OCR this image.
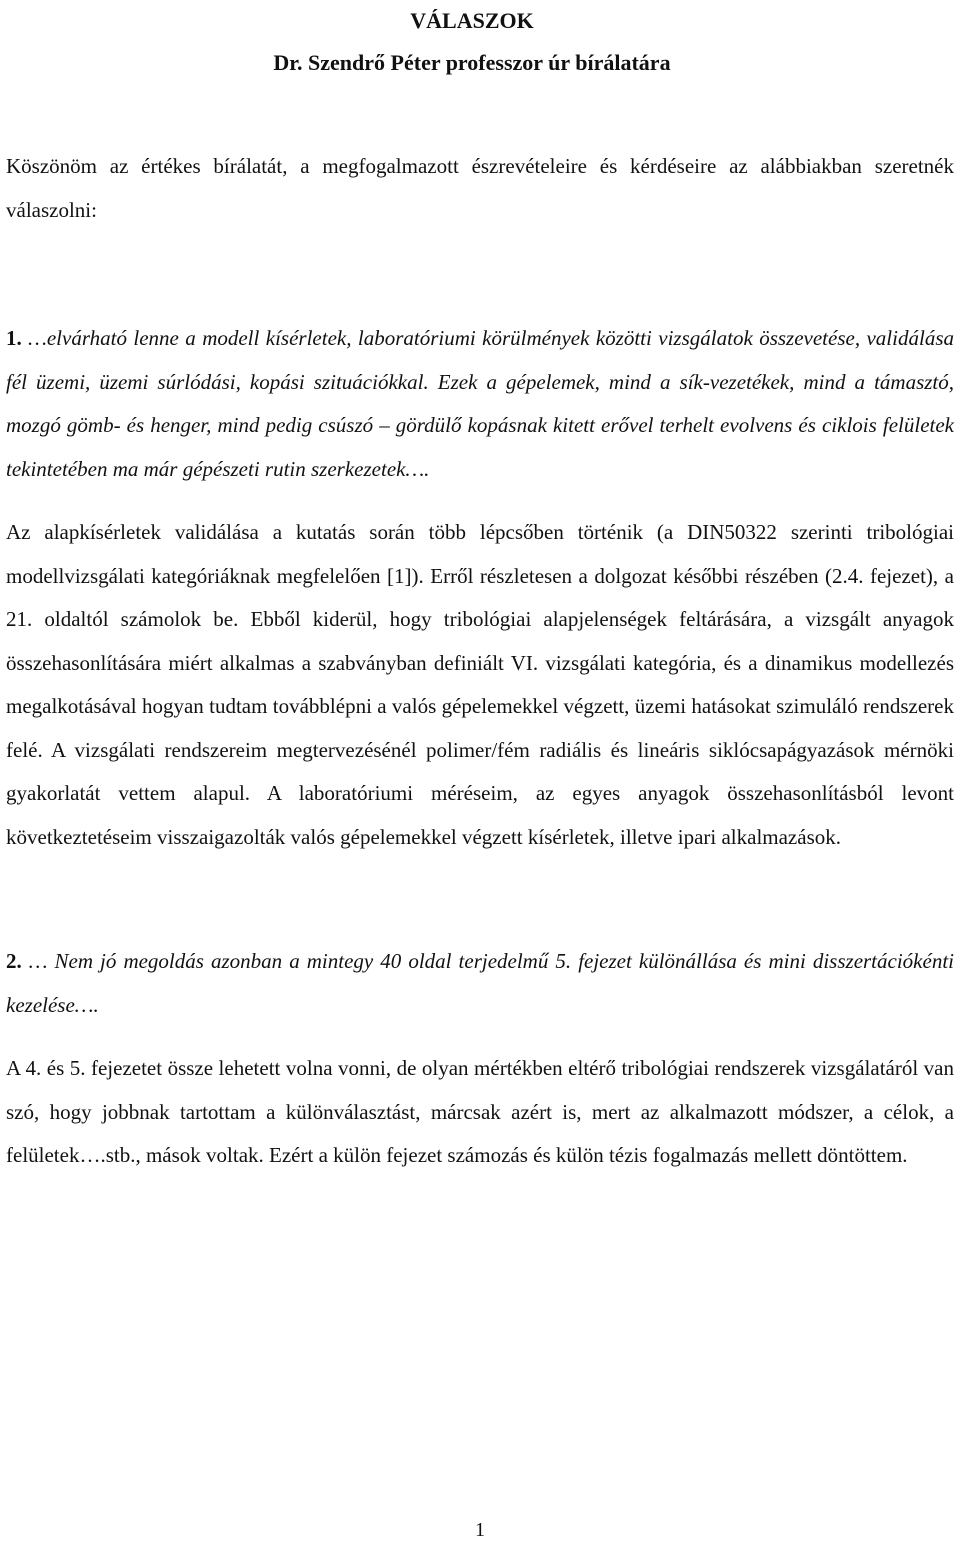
VÁLASZOK
Dr. Szendrő Péter professzor úr bírálatára

Köszönöm az értékes bírálatát, a megfogalmazott észrevételeire és kérdéseire az alábbiakban szeretnék válaszolni:

1. …elvárható lenne a modell kísérletek, laboratóriumi körülmények közötti vizsgálatok összevetése, validálása fél üzemi, üzemi súrlódási, kopási szituációkkal. Ezek a gépelemek, mind a sík-vezetékek, mind a támasztó, mozgó gömb- és henger, mind pedig csúszó – gördülő kopásnak kitett erővel terhelt evolvens és ciklois felületek tekintetében ma már gépészeti rutin szerkezetek….

Az alapkísérletek validálása a kutatás során több lépcsőben történik (a DIN50322 szerinti tribológiai modellvizsgálati kategóriáknak megfelelően [1]). Erről részletesen a dolgozat későbbi részében (2.4. fejezet), a 21. oldaltól számolok be. Ebből kiderül, hogy tribológiai alapjelenségek feltárására, a vizsgált anyagok összehasonlítására miért alkalmas a szabványban definiált VI. vizsgálati kategória, és a dinamikus modellezés megalkotásával hogyan tudtam továbblépni a valós gépelemekkel végzett, üzemi hatásokat szimuláló rendszerek felé. A vizsgálati rendszereim megtervezésénél polimer/fém radiális és lineáris siklócsapágyazások mérnöki gyakorlatát vettem alapul. A laboratóriumi méréseim, az egyes anyagok összehasonlításból levont következtetéseim visszaigazolták valós gépelemekkel végzett kísérletek, illetve ipari alkalmazások.

2. … Nem jó megoldás azonban a mintegy 40 oldal terjedelmű 5. fejezet különállása és mini disszertációkénti kezelése….

A 4. és 5. fejezetet össze lehetett volna vonni, de olyan mértékben eltérő tribológiai rendszerek vizsgálatáról van szó, hogy jobbnak tartottam a különválasztást, márcsak azért is, mert az alkalmazott módszer, a célok, a felületek….stb., mások voltak. Ezért a külön fejezet számozás és külön tézis fogalmazás mellett döntöttem.

1
